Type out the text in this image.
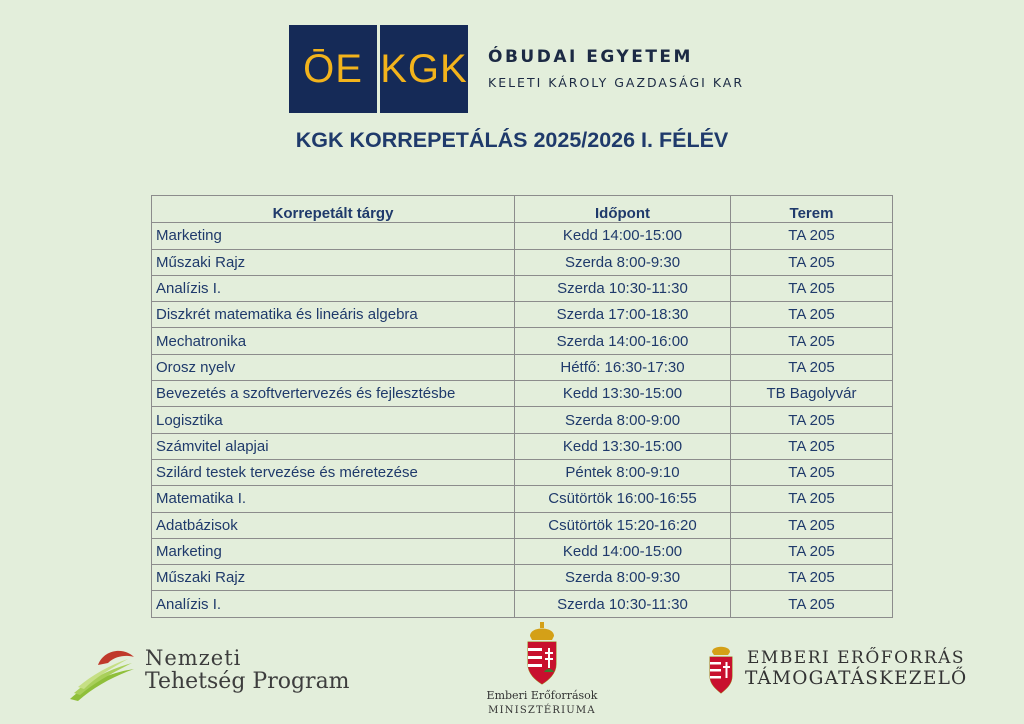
ŌE KGK ÓBUDAI EGYETEM
KELETI KÁROLY GAZDASÁGI KAR
KGK KORREPETÁLÁS 2025/2026 I. FÉLÉV
Korrepetált tárgy	Időpont	Terem
Marketing	Kedd 14:00-15:00	TA 205
Műszaki Rajz	Szerda 8:00-9:30	TA 205
Analízis I.	Szerda 10:30-11:30	TA 205
Diszkrét matematika és lineáris algebra	Szerda 17:00-18:30	TA 205
Mechatronika	Szerda 14:00-16:00	TA 205
Orosz nyelv	Hétfő: 16:30-17:30	TA 205
Bevezetés a szoftvertervezés és fejlesztésbe	Kedd 13:30-15:00	TB Bagolyvár
Logisztika	Szerda 8:00-9:00	TA 205
Számvitel alapjai	Kedd 13:30-15:00	TA 205
Szilárd testek tervezése és méretezése	Péntek 8:00-9:10	TA 205
Matematika I.	Csütörtök 16:00-16:55	TA 205
Adatbázisok	Csütörtök 15:20-16:20	TA 205
Marketing	Kedd 14:00-15:00	TA 205
Műszaki Rajz	Szerda 8:00-9:30	TA 205
Analízis I.	Szerda 10:30-11:30	TA 205
Nemzeti
Tehetség Program
Emberi Erőforrások
MINISZTÉRIUMA
EMBERI ERŐFORRÁS
TÁMOGATÁSKEZELŐ
